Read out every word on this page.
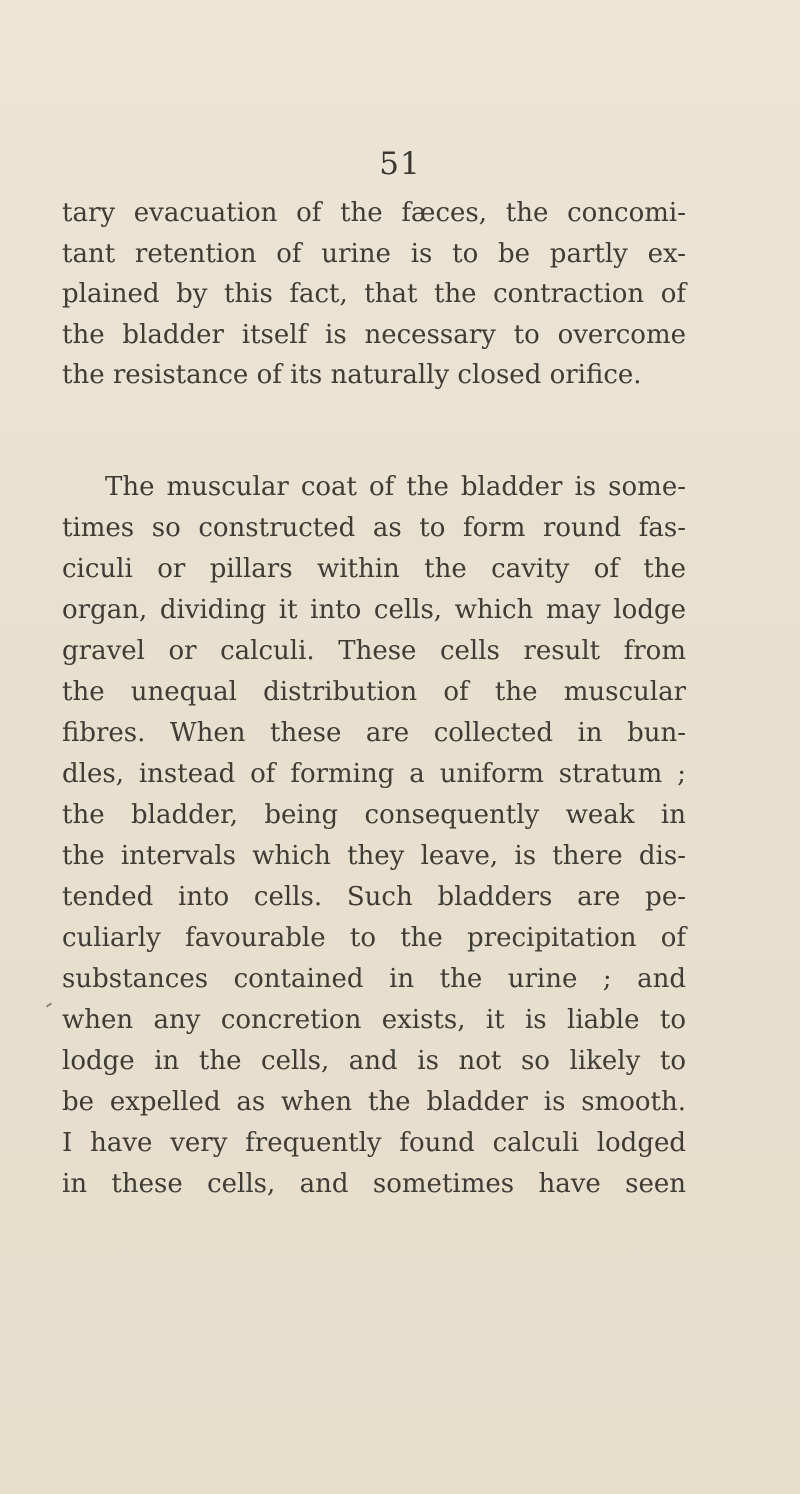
51
tary evacuation of the fæces, the concomi-
tant retention of urine is to be partly ex-
plained by this fact, that the contraction of
the bladder itself is necessary to overcome
the resistance of its naturally closed orifice.
The muscular coat of the bladder is some-
times so constructed as to form round fas-
ciculi or pillars within the cavity of the
organ, dividing it into cells, which may lodge
gravel or calculi. These cells result from
the unequal distribution of the muscular
fibres. When these are collected in bun-
dles, instead of forming a uniform stratum ;
the bladder, being consequently weak in
the intervals which they leave, is there dis-
tended into cells. Such bladders are pe-
culiarly favourable to the precipitation of
substances contained in the urine ; and
when any concretion exists, it is liable to
lodge in the cells, and is not so likely to
be expelled as when the bladder is smooth.
I have very frequently found calculi lodged
in these cells, and sometimes have seen
